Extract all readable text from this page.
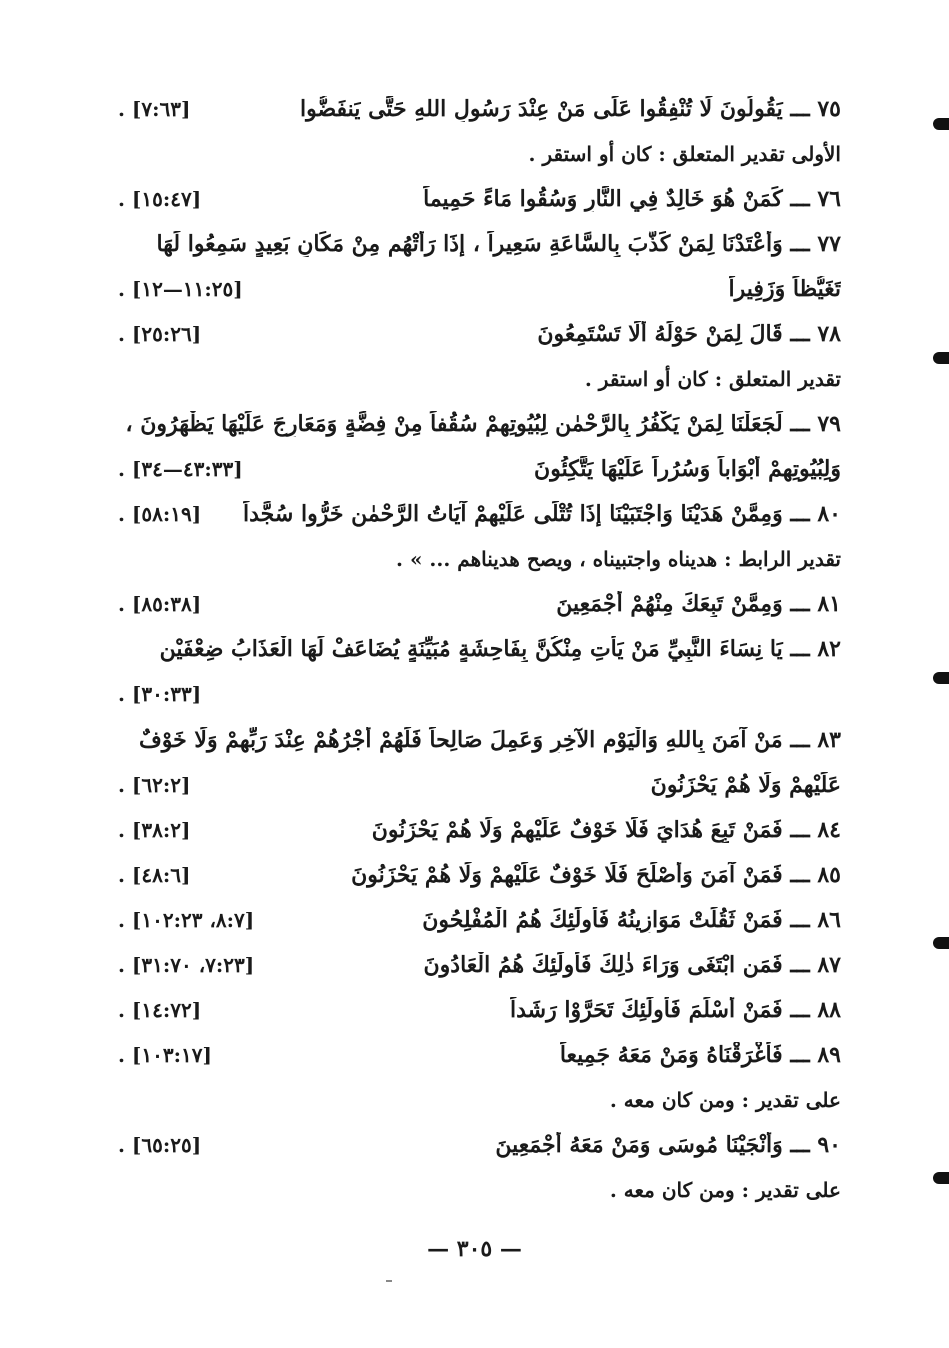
٧٥ ـــ يَقُولُونَ لَا تُنْفِقُوا عَلَى مَنْ عِنْدَ رَسُولِ اللهِ حَتَّى يَنفَضُّوا
[٧:٦٣] .
الأولى تقدير المتعلق : كان أو استقر .
٧٦ ـــ كَمَنْ هُوَ خَالِدٌ فِي النَّارِ وَسُقُوا مَاءً حَمِيماً
[١٥:٤٧] .
٧٧ ـــ وَأَعْتَدْنَا لِمَنْ كَذَّبَ بِالسَّاعَةِ سَعِيراً ، إِذَا رَأَتْهُم مِنْ مَكَانٍ بَعِيدٍ سَمِعُوا لَهَا
تَغَيُّظاً وَزَفِيراً
[١١:٢٥—١٢] .
٧٨ ـــ قَالَ لِمَنْ حَوْلَهُ أَلَا تَسْتَمِعُونَ
[٢٥:٢٦] .
تقدير المتعلق : كان أو استقر .
٧٩ ـــ لَجَعَلْنَا لِمَنْ يَكْفُرُ بِالرَّحْمٰنِ لِبُيُوتِهِمْ سُقُفاً مِنْ فِضَّةٍ وَمَعَارِجَ عَلَيْهَا يَظْهَرُونَ ،
وَلِبُيُوتِهِمْ أَبْوَاباً وَسُرُراً عَلَيْهَا يَتَّكِئُونَ
[٤٣:٣٣—٣٤] .
٨٠ ـــ وَمِمَّنْ هَدَيْنَا وَاجْتَبَيْنَا إِذَا تُتْلَى عَلَيْهِمْ آيَاتُ الرَّحْمٰنِ خَرُّوا سُجَّداً
[٥٨:١٩] .
تقدير الرابط : هديناه واجتبيناه ، ويصح هديناهم ... » .
٨١ ـــ وَمِمَّنْ تَبِعَكَ مِنْهُمْ أَجْمَعِينَ
[٨٥:٣٨] .
٨٢ ـــ يَا نِسَاءَ النَّبِيِّ مَنْ يَأْتِ مِنْكُنَّ بِفَاحِشَةٍ مُبَيِّنَةٍ يُضَاعَفْ لَهَا الْعَذَابُ ضِعْفَيْنِ
[٣٠:٣٣] .
٨٣ ـــ مَنْ آمَنَ بِاللهِ وَالْيَوْمِ الآخِرِ وَعَمِلَ صَالِحاً فَلَهُمْ أَجْرُهُمْ عِنْدَ رَبِّهِمْ وَلَا خَوْفٌ
عَلَيْهِمْ وَلَا هُمْ يَحْزَنُونَ
[٦٢:٢] .
٨٤ ـــ فَمَنْ تَبِعَ هُدَايَ فَلَا خَوْفٌ عَلَيْهِمْ وَلَا هُمْ يَحْزَنُونَ
[٣٨:٢] .
٨٥ ـــ فَمَنْ آمَنَ وَأَصْلَحَ فَلَا خَوْفٌ عَلَيْهِمْ وَلَا هُمْ يَحْزَنُونَ
[٤٨:٦] .
٨٦ ـــ فَمَنْ ثَقُلَتْ مَوَازِينُهُ فَأُولَٰئِكَ هُمُ الْمُفْلِحُونَ
[٨:٧، ١٠٢:٢٣] .
٨٧ ـــ فَمَنِ ابْتَغَى وَرَاءَ ذٰلِكَ فَأُولَٰئِكَ هُمُ الْعَادُونَ
[٧:٢٣، ٣١:٧٠] .
٨٨ ـــ فَمَنْ أَسْلَمَ فَأُولَٰئِكَ تَحَرَّوْا رَشَداً
[١٤:٧٢] .
٨٩ ـــ فَأَغْرَقْنَاهُ وَمَنْ مَعَهُ جَمِيعاً
[١٠٣:١٧] .
على تقدير : ومن كان معه .
٩٠ ـــ وَأَنْجَيْنَا مُوسَى وَمَنْ مَعَهُ أَجْمَعِينَ
[٦٥:٢٥] .
على تقدير : ومن كان معه .
— ٣٠٥ —
